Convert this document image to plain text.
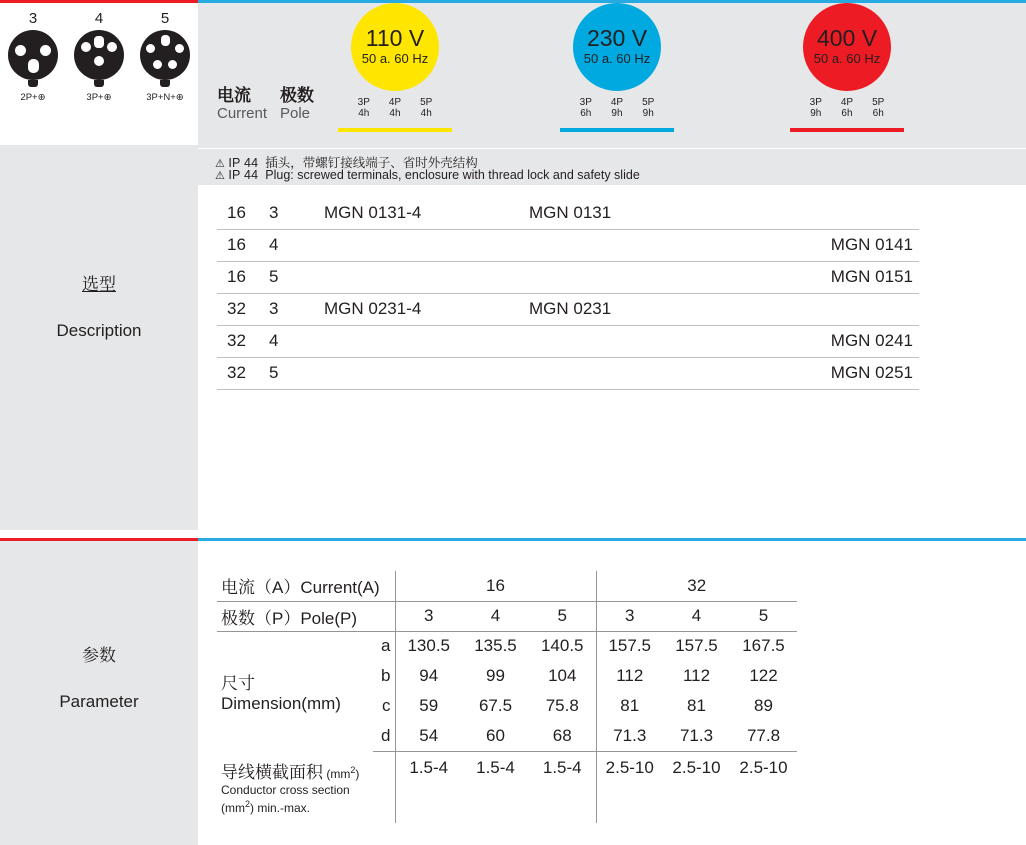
3
2P+⊕
4
3P+⊕
5
3P+N+⊕
选型
Description
电流
Current
极数
Pole
110 V
50 a. 60 Hz
3P
4h
4P
4h
5P
4h
230 V
50 a. 60 Hz
3P
6h
4P
9h
5P
9h
400 V
50 a. 60 Hz
3P
9h
4P
6h
5P
6h
⚠ IP 44 插头，带螺钉接线端子、省时外壳结构
⚠ IP 44 Plug: screwed terminals, enclosure with thread lock and safety slide
16	3	MGN 0131-4	MGN 0131	
16	4			MGN 0141
16	5			MGN 0151
32	3	MGN 0231-4	MGN 0231	
32	4			MGN 0241
32	5			MGN 0251
参数
Parameter
电流（A）Current(A)		16			32		
极数（P）Pole(P)		3	4	5	3	4	5

尺寸
Dimension(mm)	a	130.5	135.5	140.5	157.5	157.5	167.5
	b	94	99	104	112	112	122
	c	59	67.5	75.8	81	81	89
	d	54	60	68	71.3	71.3	77.8
导线横截面积 $(mm^2)$
Conductor cross section
$(mm^2)$ min.-max.		1.5-4	1.5-4	1.5-4	2.5-10	2.5-10	2.5-10
